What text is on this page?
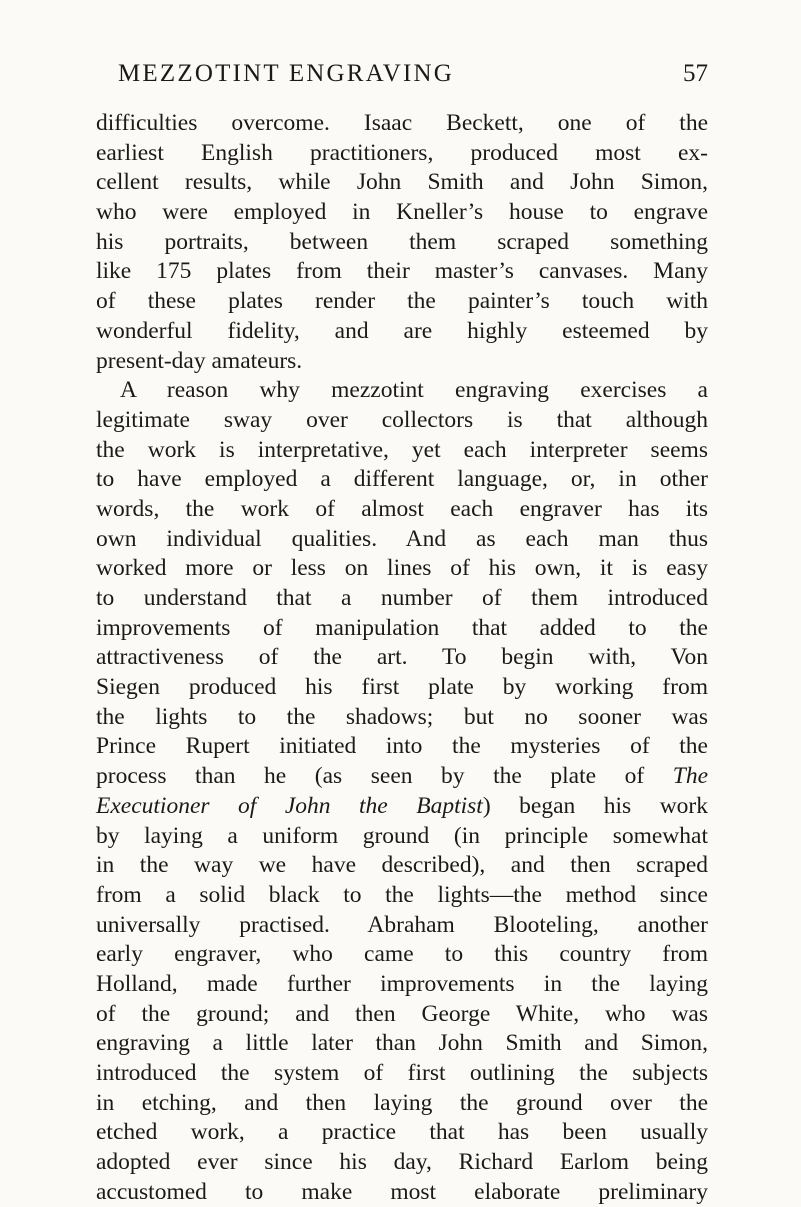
MEZZOTINT ENGRAVING	57
difficulties overcome. Isaac Beckett, one of the
earliest English practitioners, produced most ex-
cellent results, while John Smith and John Simon,
who were employed in Kneller’s house to engrave
his portraits, between them scraped something
like 175 plates from their master’s canvases. Many
of these plates render the painter’s touch with
wonderful fidelity, and are highly esteemed by
present-day amateurs.
A reason why mezzotint engraving exercises a
legitimate sway over collectors is that although
the work is interpretative, yet each interpreter seems
to have employed a different language, or, in other
words, the work of almost each engraver has its
own individual qualities. And as each man thus
worked more or less on lines of his own, it is easy
to understand that a number of them introduced
improvements of manipulation that added to the
attractiveness of the art. To begin with, Von
Siegen produced his first plate by working from
the lights to the shadows; but no sooner was
Prince Rupert initiated into the mysteries of the
process than he (as seen by the plate of The
Executioner of John the Baptist) began his work
by laying a uniform ground (in principle somewhat
in the way we have described), and then scraped
from a solid black to the lights—the method since
universally practised. Abraham Blooteling, another
early engraver, who came to this country from
Holland, made further improvements in the laying
of the ground; and then George White, who was
engraving a little later than John Smith and Simon,
introduced the system of first outlining the subjects
in etching, and then laying the ground over the
etched work, a practice that has been usually
adopted ever since his day, Richard Earlom being
accustomed to make most elaborate preliminary
